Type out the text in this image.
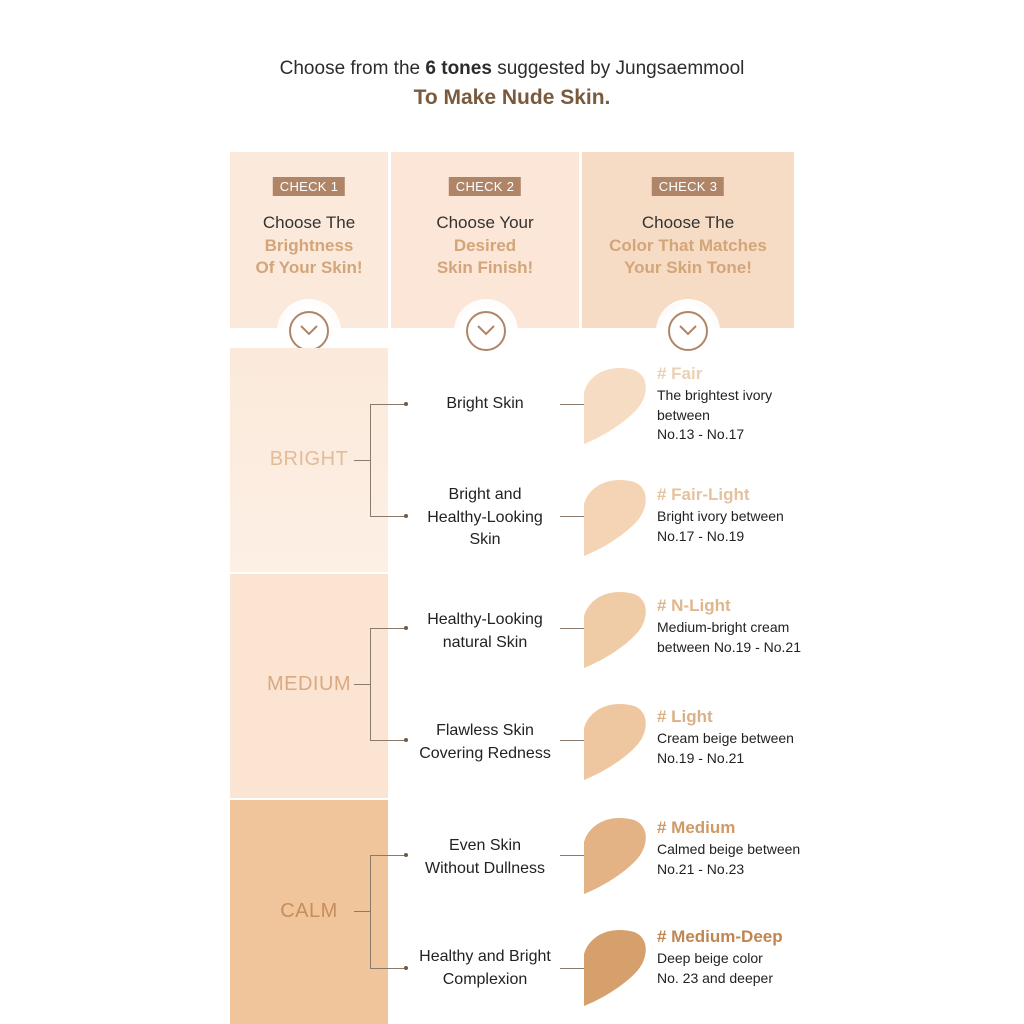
Choose from the 6 tones suggested by Jungsaemmool
To Make Nude Skin.
CHECK 1
Choose The
Brightness
Of Your Skin!
CHECK 2
Choose Your
Desired
Skin Finish!
CHECK 3
Choose The
Color That Matches
Your Skin Tone!
BRIGHT
MEDIUM
CALM
Bright Skin
Bright and
Healthy-Looking
Skin
Healthy-Looking
natural Skin
Flawless Skin
Covering Redness
Even Skin
Without Dullness
Healthy and Bright
Complexion
# Fair
The brightest ivory
between
No.13 - No.17
# Fair-Light
Bright ivory between
No.17 - No.19
# N-Light
Medium-bright cream
between No.19 - No.21
# Light
Cream beige between
No.19 - No.21
# Medium
Calmed beige between
No.21 - No.23
# Medium-Deep
Deep beige color
No. 23 and deeper
